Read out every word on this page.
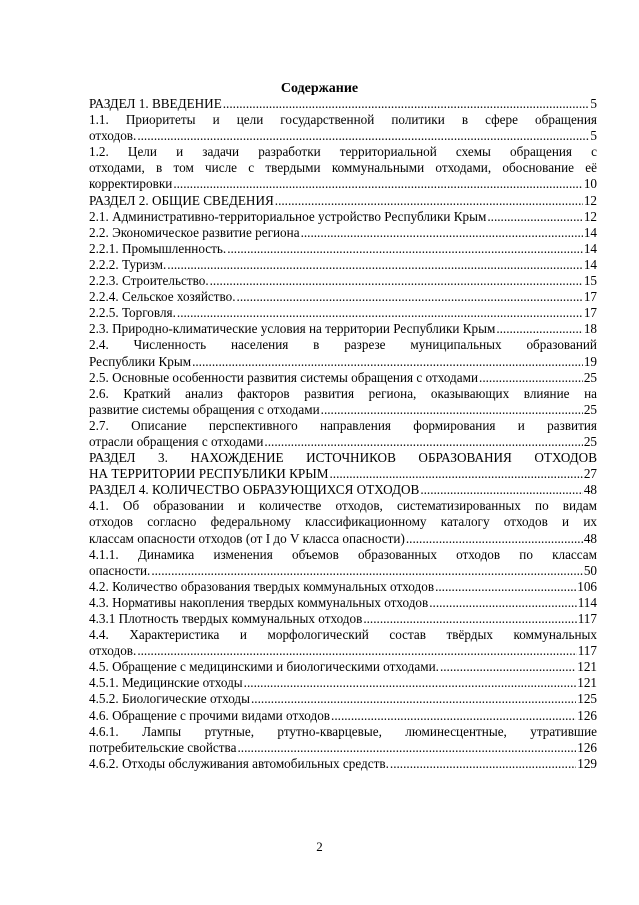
Содержание
РАЗДЕЛ 1. ВВЕДЕНИЕ .....	5
1.1. Приоритеты и цели государственной политики в сфере обращения
отходов. .....	5
1.2. Цели и задачи разработки территориальной схемы обращения с
отходами, в том числе с твердыми коммунальными отходами, обоснование её
корректировки .....	10
РАЗДЕЛ 2. ОБЩИЕ СВЕДЕНИЯ .....	12
2.1. Административно-территориальное устройство Республики Крым .....	12
2.2. Экономическое развитие региона .....	14
2.2.1. Промышленность. .....	14
2.2.2. Туризм. .....	14
2.2.3. Строительство. .....	15
2.2.4. Сельское хозяйство. .....	17
2.2.5. Торговля. .....	17
2.3. Природно-климатические условия на территории Республики Крым .....	18
2.4. Численность населения в разрезе муниципальных образований
Республики Крым .....	19
2.5. Основные особенности развития системы обращения с отходами .....	25
2.6. Краткий анализ факторов развития региона, оказывающих влияние на
развитие системы обращения с отходами .....	25
2.7. Описание перспективного направления формирования и развития
отрасли обращения с отходами .....	25
РАЗДЕЛ 3. НАХОЖДЕНИЕ ИСТОЧНИКОВ ОБРАЗОВАНИЯ ОТХОДОВ
НА ТЕРРИТОРИИ РЕСПУБЛИКИ КРЫМ .....	27
РАЗДЕЛ 4. КОЛИЧЕСТВО ОБРАЗУЮЩИХСЯ ОТХОДОВ .....	48
4.1. Об образовании и количестве отходов, систематизированных по видам
отходов согласно федеральному классификационному каталогу отходов и их
классам опасности отходов (от I до V класса опасности) .....	48
4.1.1. Динамика изменения объемов образованных отходов по классам
опасности. .....	50
4.2. Количество образования твердых коммунальных отходов .....	106
4.3. Нормативы накопления твердых коммунальных отходов .....	114
4.3.1 Плотность твердых коммунальных отходов .....	117
4.4. Характеристика и морфологический состав твёрдых коммунальных
отходов. .....	117
4.5. Обращение с медицинскими и биологическими отходами. .....	121
4.5.1. Медицинские отходы .....	121
4.5.2. Биологические отходы .....	125
4.6. Обращение с прочими видами отходов .....	126
4.6.1. Лампы ртутные, ртутно-кварцевые, люминесцентные, утратившие
потребительские свойства .....	126
4.6.2. Отходы обслуживания автомобильных средств. .....	129
2
